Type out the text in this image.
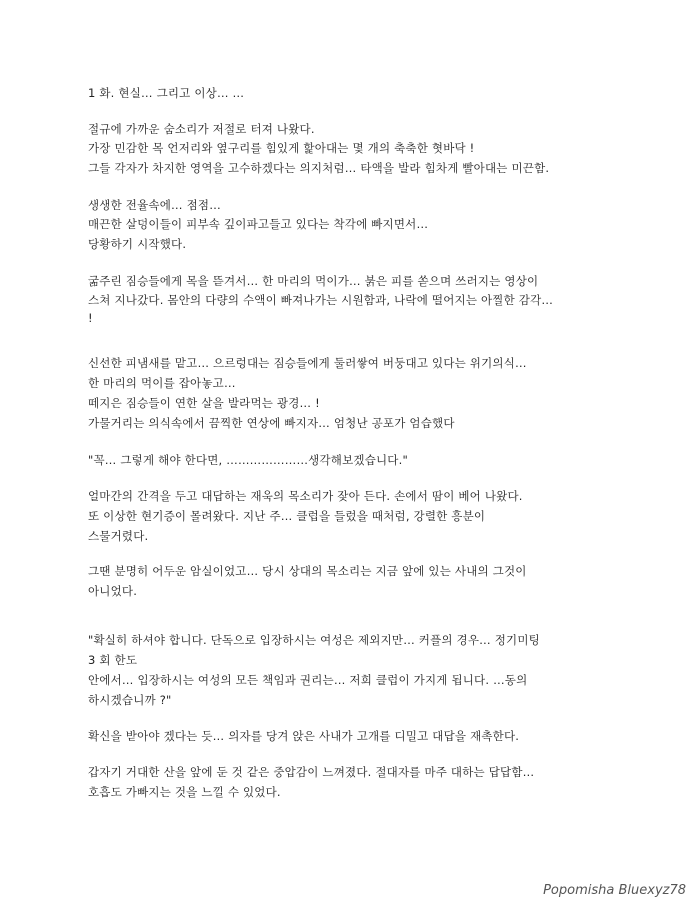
1 화. 현실… 그리고 이상… …
절규에 가까운 숨소리가 저절로 터져 나왔다.
가장 민감한 목 언저리와 옆구리를 힘있게 핥아대는 몇 개의 축축한 혓바닥 !
그들 각자가 차지한 영역을 고수하겠다는 의지처럼… 타액을 발라 힘차게 빨아대는 미끈함.
생생한 전율속에… 점점…
매끈한 살덩이들이 피부속 깊이파고들고 있다는 착각에 빠지면서…
당황하기 시작했다.
굶주린 짐승들에게 목을 뜯겨서… 한 마리의 먹이가… 붉은 피를 쏟으며 쓰러지는 영상이
스쳐 지나갔다. 몸안의 다량의 수액이 빠져나가는 시원함과, 나락에 떨어지는 아찔한 감각…
!
신선한 피냄새를 맡고… 으르렁대는 짐승들에게 둘러쌓여 버둥대고 있다는 위기의식…
한 마리의 먹이를 잡아놓고…
떼지은 짐승들이 연한 살을 발라먹는 광경… !
가물거리는 의식속에서 끔찍한 연상에 빠지자… 엄청난 공포가 엄습했다
"꼭… 그렇게 해야 한다면, …………………생각해보겠습니다."
얼마간의 간격을 두고 대답하는 재욱의 목소리가 잦아 든다. 손에서 땀이 베어 나왔다.
또 이상한 현기증이 몰려왔다. 지난 주… 클럽을 들렀을 때처럼, 강렬한 흥분이
스물거렸다.
그땐 분명히 어두운 암실이었고… 당시 상대의 목소리는 지금 앞에 있는 사내의 그것이
아니었다.
"확실히 하셔야 합니다. 단독으로 입장하시는 여성은 제외지만… 커플의 경우… 정기미팅
3 회 한도
안에서… 입장하시는 여성의 모든 책임과 권리는… 저희 클럽이 가지게 됩니다. …동의
하시겠습니까 ?"
확신을 받아야 겠다는 듯… 의자를 당겨 앉은 사내가 고개를 디밀고 대답을 재촉한다.
갑자기 거대한 산을 앞에 둔 것 같은 중압감이 느껴졌다. 절대자를 마주 대하는 답답함…
호흡도 가빠지는 것을 느낄 수 있었다.
Popomisha Bluexyz78
